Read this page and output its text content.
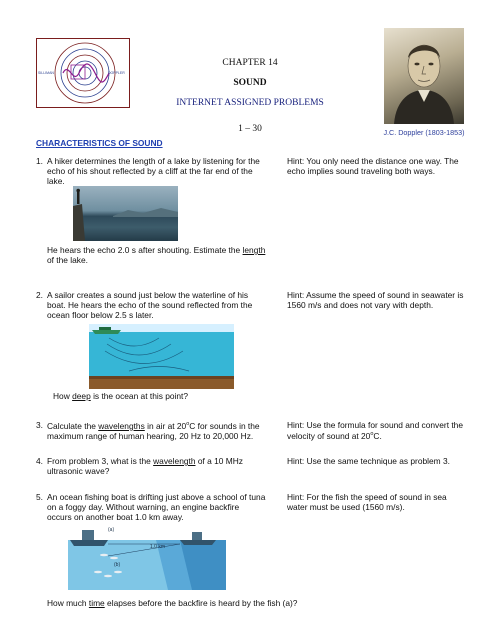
SILLIMAN	DOPPLER
CHAPTER 14
SOUND
INTERNET ASSIGNED PROBLEMS
1 – 30	J.C. Doppler (1803-1853)
CHARACTERISTICS OF SOUND
1. A hiker determines the length of a lake by listening for the echo of his shout reflected by a cliff at the far end of the lake.
Hint: You only need the distance one way. The echo implies sound traveling both ways.
He hears the echo 2.0 s after shouting. Estimate the length of the lake.
2. A sailor creates a sound just below the waterline of his boat. He hears the echo of the sound reflected from the ocean floor below 2.5 s later.
Hint: Assume the speed of sound in seawater is 1560 m/s and does not vary with depth.
How deep is the ocean at this point?
3. Calculate the wavelengths in air at 20$^o$C for sounds in the maximum range of human hearing, 20 Hz to 20,000 Hz.
Hint: Use the formula for sound and convert the velocity of sound at 20$^o$C.
4. From problem 3, what is the wavelength of a 10 MHz ultrasonic wave?
Hint: Use the same technique as problem 3.
5. An ocean fishing boat is drifting just above a school of tuna on a foggy day. Without warning, an engine backfire occurs on another boat 1.0 km away.
Hint: For the fish the speed of sound in sea water must be used (1560 m/s).
1.0 km
(a)
(b)
How much time elapses before the backfire is heard by the fish (a)?
